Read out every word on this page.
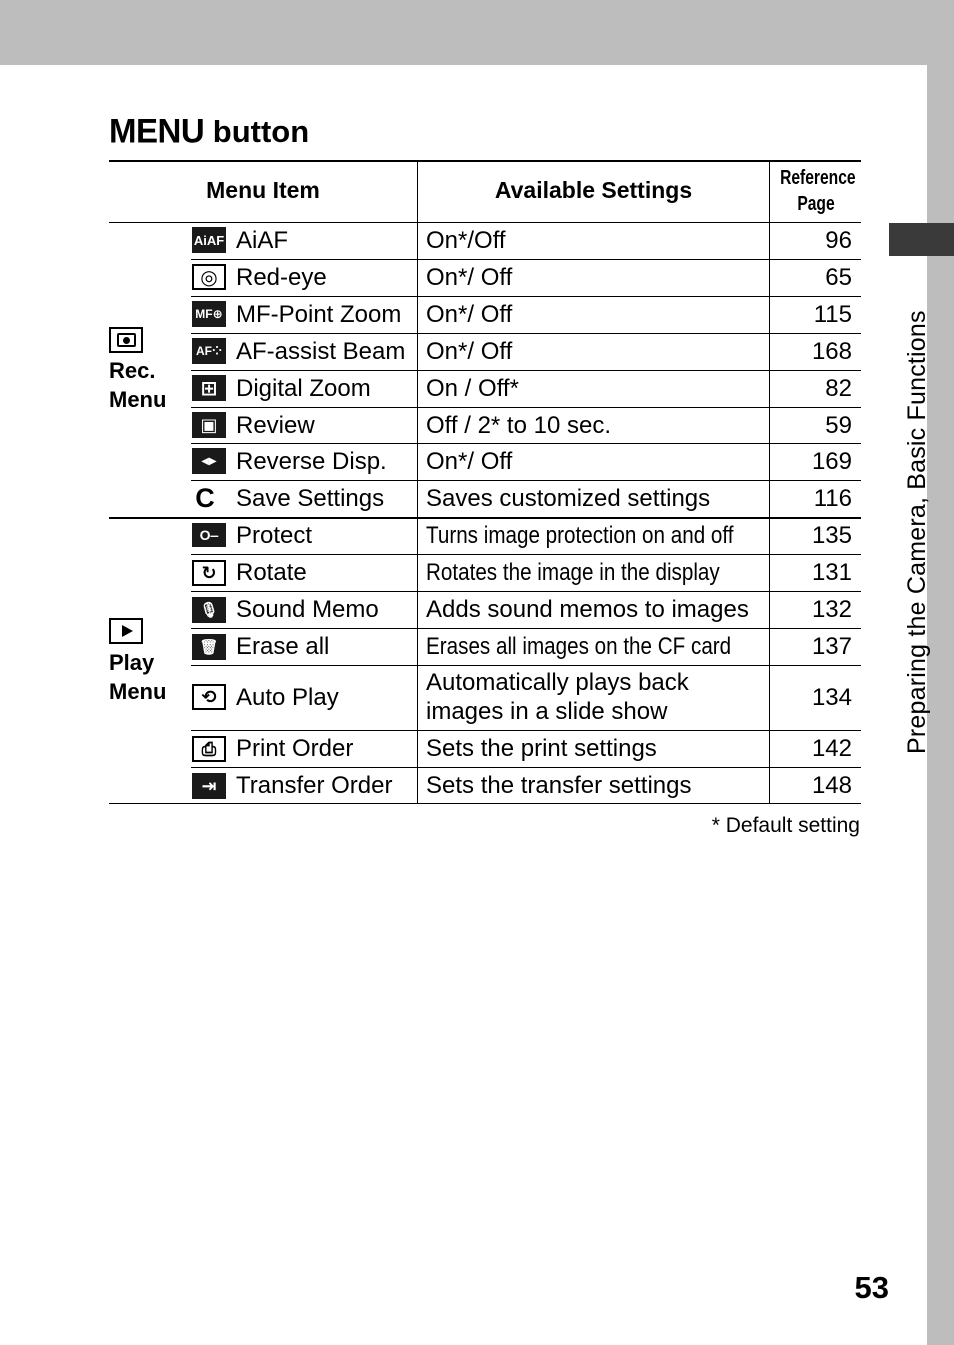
Preparing the Camera, Basic Functions
MENU button
Menu Item	Available Settings	Reference
Page
Rec.
Menu
Play
Menu
AiAF AiAF	On*/Off	96
◎ Red-eye	On*/ Off	65
MF⊕ MF-Point Zoom On*/ Off	115
AF⁘ AF-assist Beam On*/ Off	168
⊞ Digital Zoom On / Off*	82
▣ Review	Off / 2* to 10 sec.	59
◀▶ Reverse Disp. On*/ Off	169
C Save Settings Saves customized settings	116
O‒ Protect	Turns image protection on and off	135
↻ Rotate	Rotates the image in the display	131
🎙 Sound Memo Adds sound memos to images	132
🗑 Erase all	Erases all images on the CF card	137
⟲ Auto Play
Automatically plays back
images in a slide show
134
⎙ Print Order	Sets the print settings	142
⇥ Transfer Order Sets the transfer settings	148
* Default setting
53
